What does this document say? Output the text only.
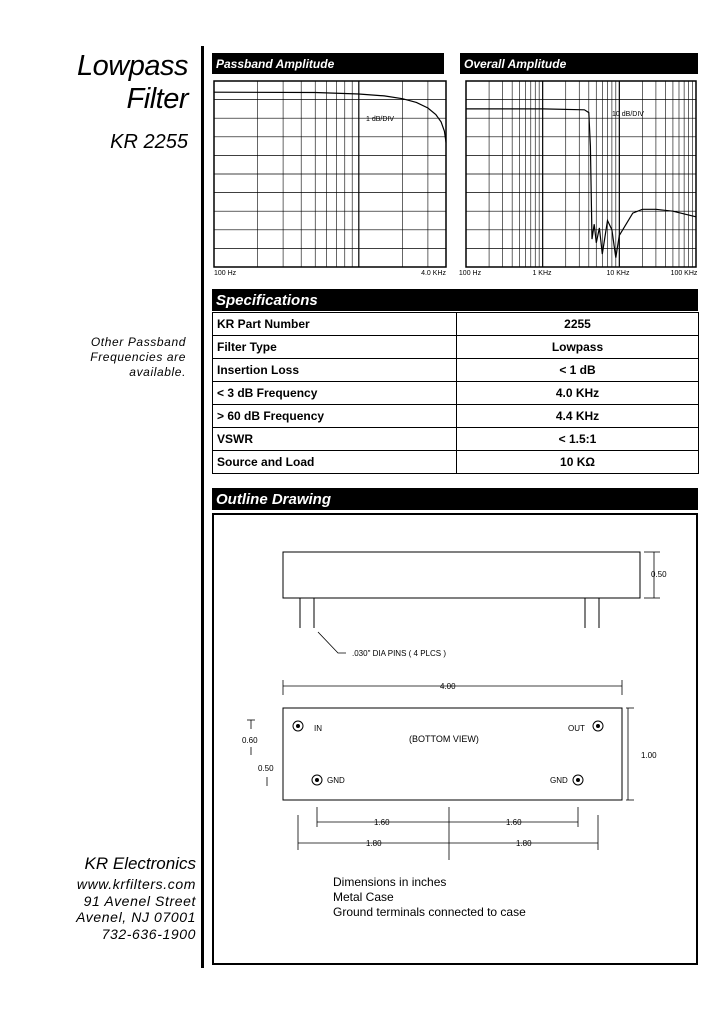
Lowpass
Filter
KR 2255
Other Passband
Frequencies are
available.
KR Electronics
www.krfilters.com
91 Avenel Street
Avenel, NJ 07001
732-636-1900
Passband Amplitude	Overall Amplitude
1 dB/DIV
100 Hz	4.0 KHz
10 dB/DIV
100 Hz	1 KHz	10 KHz	100 KHz
Specifications
KR Part Number	2255
Filter Type	Lowpass
Insertion Loss	< 1 dB
< 3 dB Frequency	4.0 KHz
> 60 dB Frequency	4.4 KHz
VSWR	< 1.5:1
Source and Load	10 KΩ
Outline Drawing
0.50
.030" DIA PINS ( 4 PLCS )
4.00
IN	OUT
GND	GND
(BOTTOM VIEW)
1.00
0.60
0.50
1.60	1.60
1.80	1.80
Dimensions in inches
Metal Case
Ground terminals connected to case
